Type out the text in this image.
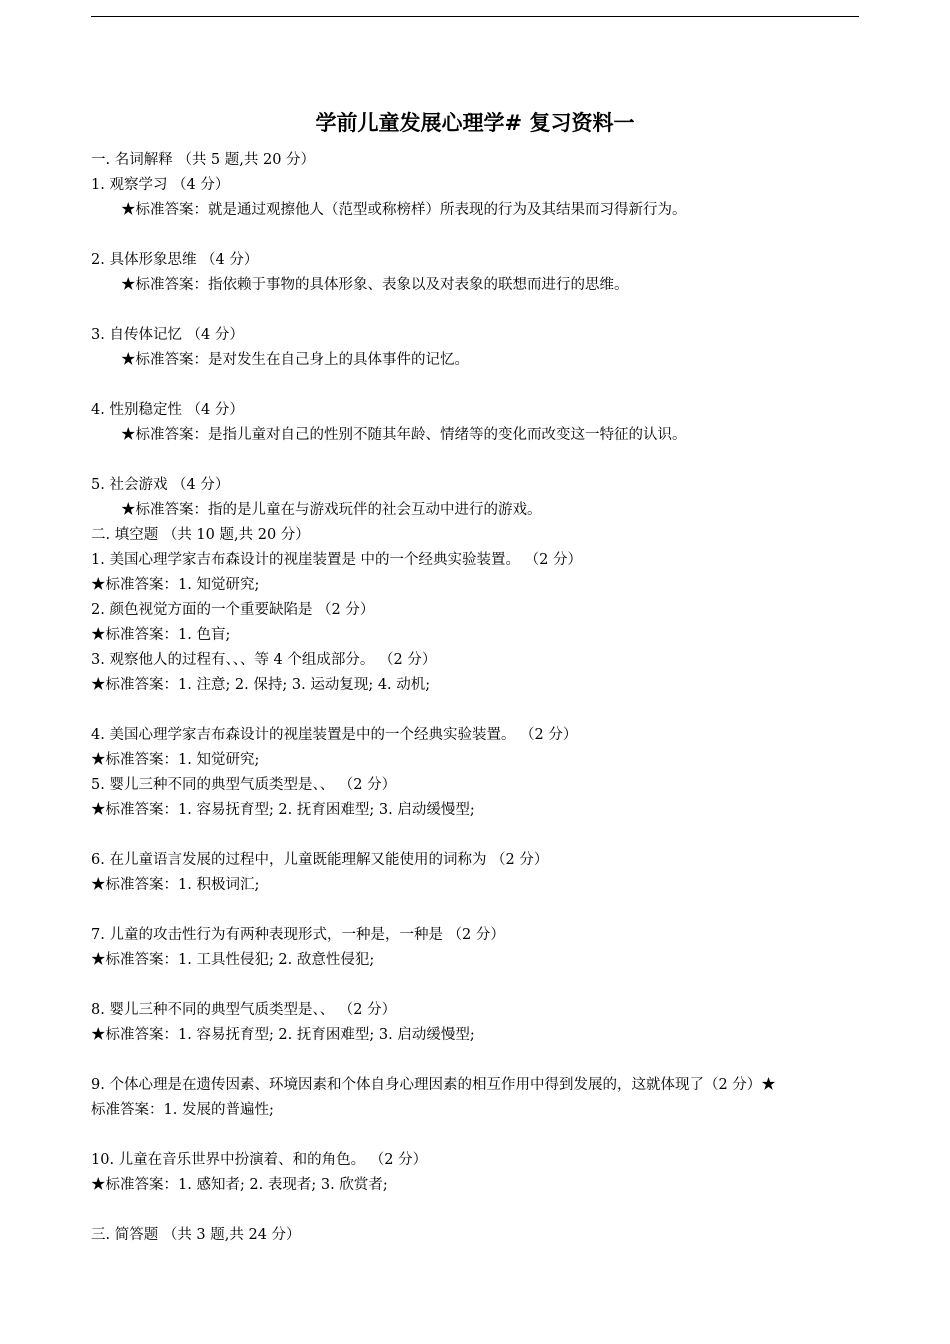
学前儿童发展心理学# 复习资料一
一. 名词解释 （共 5 题,共 20 分）
1. 观察学习 （4 分）
★标准答案：就是通过观擦他人（范型或称榜样）所表现的行为及其结果而习得新行为。
2. 具体形象思维 （4 分）
★标准答案：指依赖于事物的具体形象、表象以及对表象的联想而进行的思维。
3. 自传体记忆 （4 分）
★标准答案：是对发生在自己身上的具体事件的记忆。
4. 性别稳定性 （4 分）
★标准答案：是指儿童对自己的性别不随其年龄、情绪等的变化而改变这一特征的认识。
5. 社会游戏 （4 分）
★标准答案：指的是儿童在与游戏玩伴的社会互动中进行的游戏。
二. 填空题 （共 10 题,共 20 分）
1. 美国心理学家吉布森设计的视崖装置是 中的一个经典实验装置。 （2 分）
★标准答案：1. 知觉研究;
2. 颜色视觉方面的一个重要缺陷是 （2 分）
★标准答案：1. 色盲;
3. 观察他人的过程有、、、等 4 个组成部分。 （2 分）
★标准答案：1. 注意; 2. 保持; 3. 运动复现; 4. 动机;
4. 美国心理学家吉布森设计的视崖装置是中的一个经典实验装置。 （2 分）
★标准答案：1. 知觉研究;
5. 婴儿三种不同的典型气质类型是、、 （2 分）
★标准答案：1. 容易抚育型; 2. 抚育困难型; 3. 启动缓慢型;
6. 在儿童语言发展的过程中，儿童既能理解又能使用的词称为 （2 分）
★标准答案：1. 积极词汇;
7. 儿童的攻击性行为有两种表现形式，一种是，一种是 （2 分）
★标准答案：1. 工具性侵犯; 2. 敌意性侵犯;
8. 婴儿三种不同的典型气质类型是、、 （2 分）
★标准答案：1. 容易抚育型; 2. 抚育困难型; 3. 启动缓慢型;
9. 个体心理是在遗传因素、环境因素和个体自身心理因素的相互作用中得到发展的，这就体现了（2 分）★
标准答案：1. 发展的普遍性;
10. 儿童在音乐世界中扮演着、和的角色。 （2 分）
★标准答案：1. 感知者; 2. 表现者; 3. 欣赏者;
三. 简答题 （共 3 题,共 24 分）
